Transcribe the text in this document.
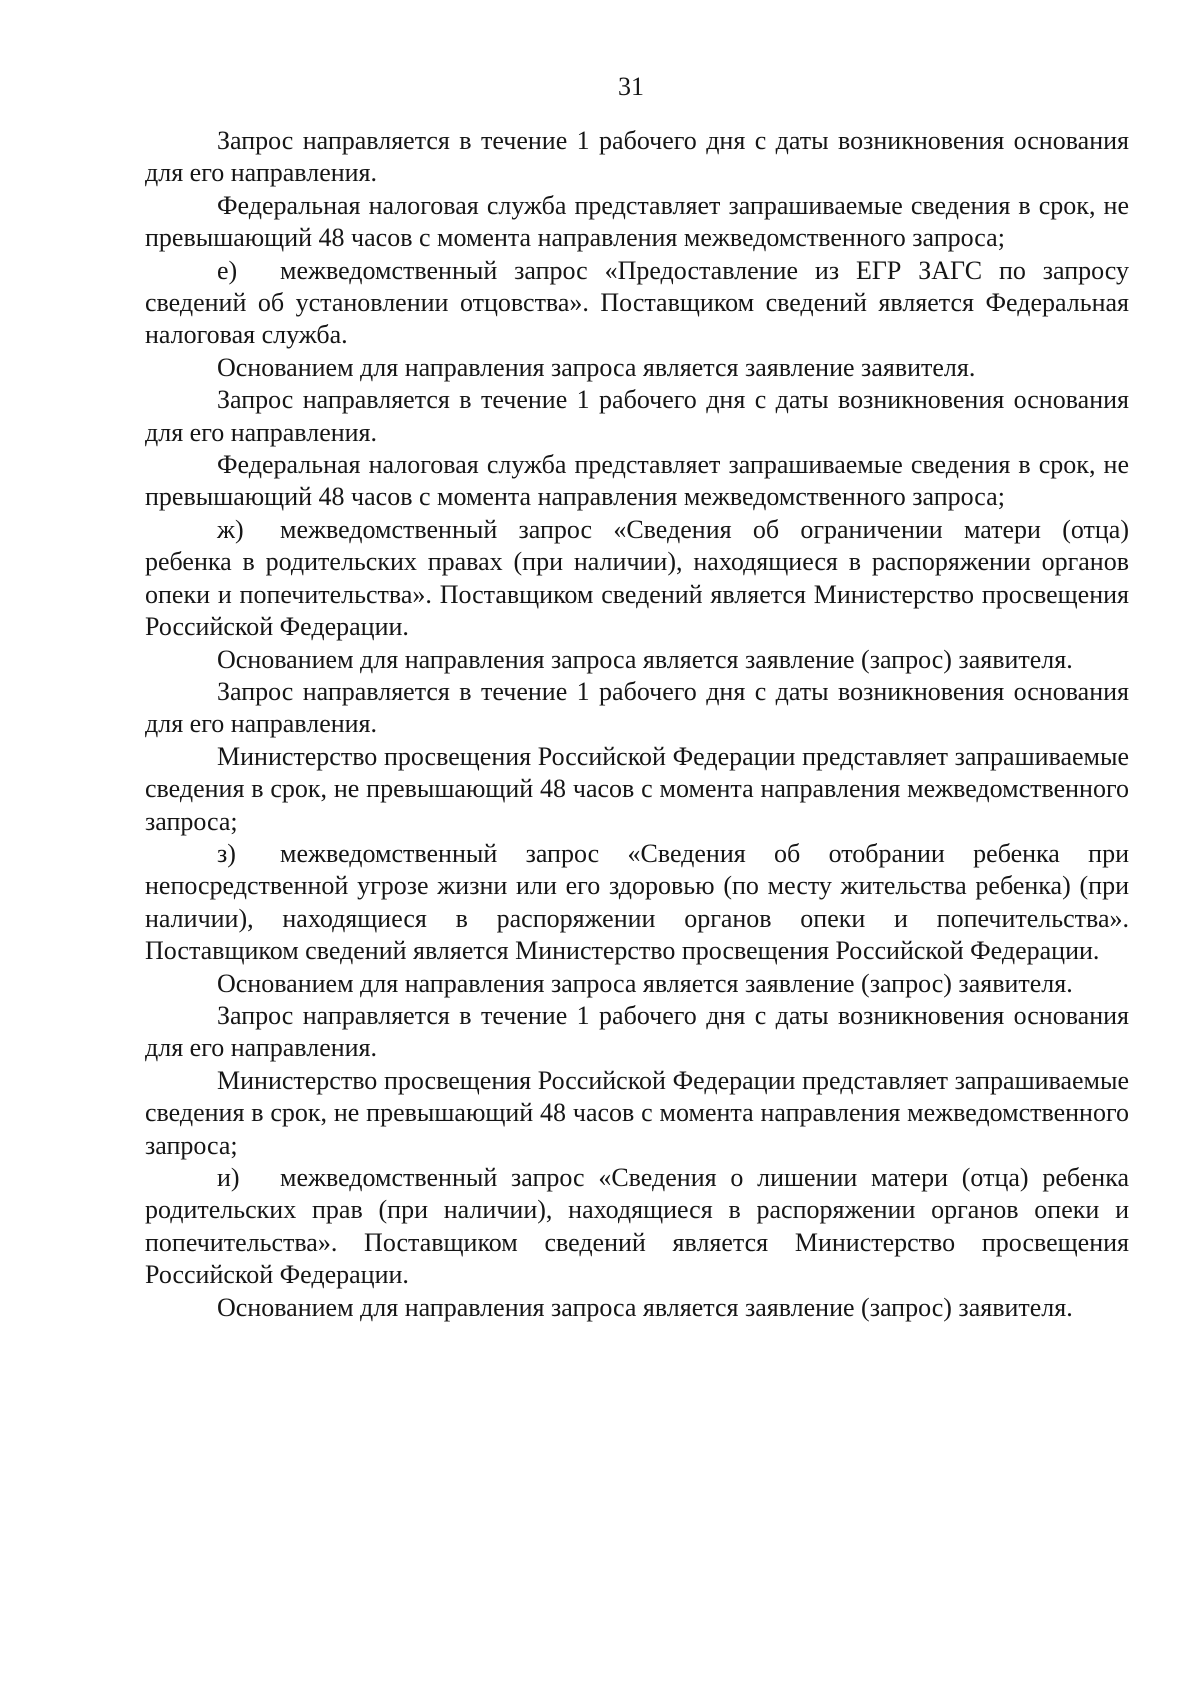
31

Запрос направляется в течение 1 рабочего дня с даты возникновения основания для его направления.

Федеральная налоговая служба представляет запрашиваемые сведения в срок, не превышающий 48 часов с момента направления межведомственного запроса;

е) межведомственный запрос «Предоставление из ЕГР ЗАГС по запросу сведений об установлении отцовства». Поставщиком сведений является Федеральная налоговая служба.

Основанием для направления запроса является заявление заявителя.

Запрос направляется в течение 1 рабочего дня с даты возникновения основания для его направления.

Федеральная налоговая служба представляет запрашиваемые сведения в срок, не превышающий 48 часов с момента направления межведомственного запроса;

ж) межведомственный запрос «Сведения об ограничении матери (отца) ребенка в родительских правах (при наличии), находящиеся в распоряжении органов опеки и попечительства». Поставщиком сведений является Министерство просвещения Российской Федерации.

Основанием для направления запроса является заявление (запрос) заявителя.

Запрос направляется в течение 1 рабочего дня с даты возникновения основания для его направления.

Министерство просвещения Российской Федерации представляет запрашиваемые сведения в срок, не превышающий 48 часов с момента направления межведомственного запроса;

з) межведомственный запрос «Сведения об отобрании ребенка при непосредственной угрозе жизни или его здоровью (по месту жительства ребенка) (при наличии), находящиеся в распоряжении органов опеки и попечительства». Поставщиком сведений является Министерство просвещения Российской Федерации.

Основанием для направления запроса является заявление (запрос) заявителя.

Запрос направляется в течение 1 рабочего дня с даты возникновения основания для его направления.

Министерство просвещения Российской Федерации представляет запрашиваемые сведения в срок, не превышающий 48 часов с момента направления межведомственного запроса;

и) межведомственный запрос «Сведения о лишении матери (отца) ребенка родительских прав (при наличии), находящиеся в распоряжении органов опеки и попечительства». Поставщиком сведений является Министерство просвещения Российской Федерации.

Основанием для направления запроса является заявление (запрос) заявителя.
